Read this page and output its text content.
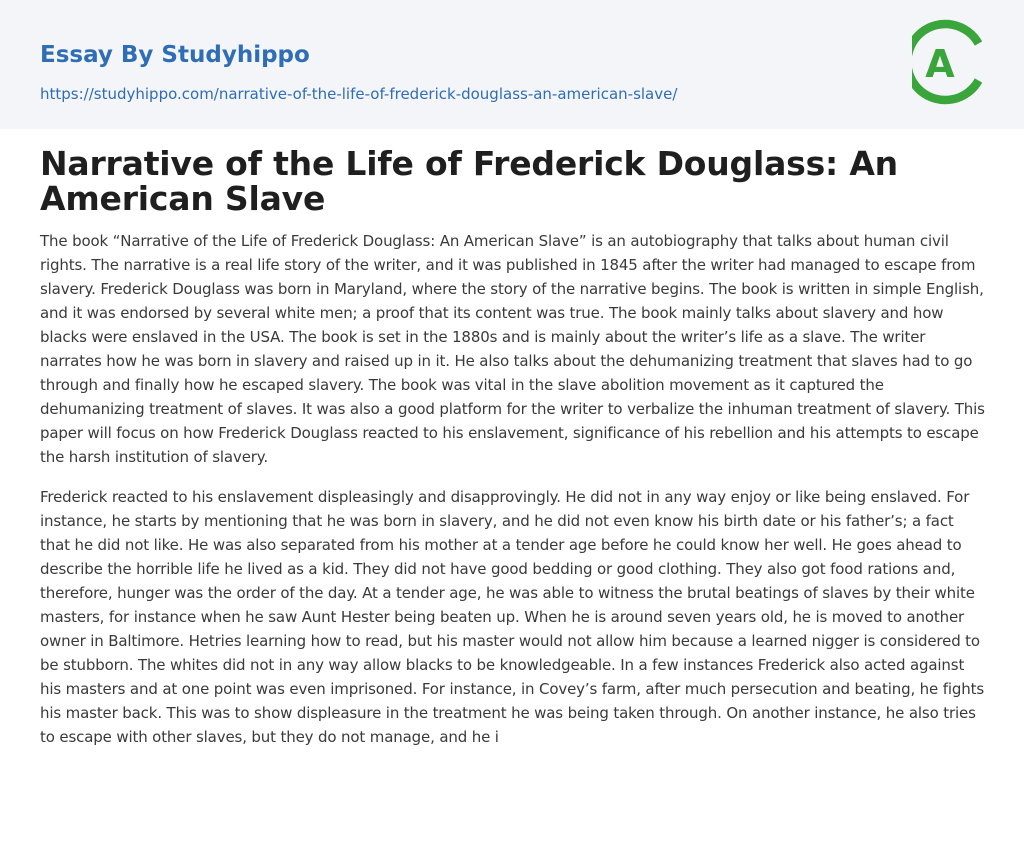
Essay By Studyhippo
https://studyhippo.com/narrative-of-the-life-of-frederick-douglass-an-american-slave/
A
Narrative of the Life of Frederick Douglass: An American Slave

The book “Narrative of the Life of Frederick Douglass: An American Slave” is an autobiography that talks about human civil rights. The narrative is a real life story of the writer, and it was published in 1845 after the writer had managed to escape from slavery. Frederick Douglass was born in Maryland, where the story of the narrative begins. The book is written in simple English, and it was endorsed by several white men; a proof that its content was true. The book mainly talks about slavery and how blacks were enslaved in the USA. The book is set in the 1880s and is mainly about the writer’s life as a slave. The writer narrates how he was born in slavery and raised up in it. He also talks about the dehumanizing treatment that slaves had to go through and finally how he escaped slavery. The book was vital in the slave abolition movement as it captured the dehumanizing treatment of slaves. It was also a good platform for the writer to verbalize the inhuman treatment of slavery. This paper will focus on how Frederick Douglass reacted to his enslavement, significance of his rebellion and his attempts to escape the harsh institution of slavery.

Frederick reacted to his enslavement displeasingly and disapprovingly. He did not in any way enjoy or like being enslaved. For instance, he starts by mentioning that he was born in slavery, and he did not even know his birth date or his father’s; a fact that he did not like. He was also separated from his mother at a tender age before he could know her well. He goes ahead to describe the horrible life he lived as a kid. They did not have good bedding or good clothing. They also got food rations and, therefore, hunger was the order of the day. At a tender age, he was able to witness the brutal beatings of slaves by their white masters, for instance when he saw Aunt Hester being beaten up. When he is around seven years old, he is moved to another owner in Baltimore. Hetries learning how to read, but his master would not allow him because a learned nigger is considered to be stubborn. The whites did not in any way allow blacks to be knowledgeable. In a few instances Frederick also acted against his masters and at one point was even imprisoned. For instance, in Covey’s farm, after much persecution and beating, he fights his master back. This was to show displeasure in the treatment he was being taken through. On another instance, he also tries to escape with other slaves, but they do not manage, and he i
